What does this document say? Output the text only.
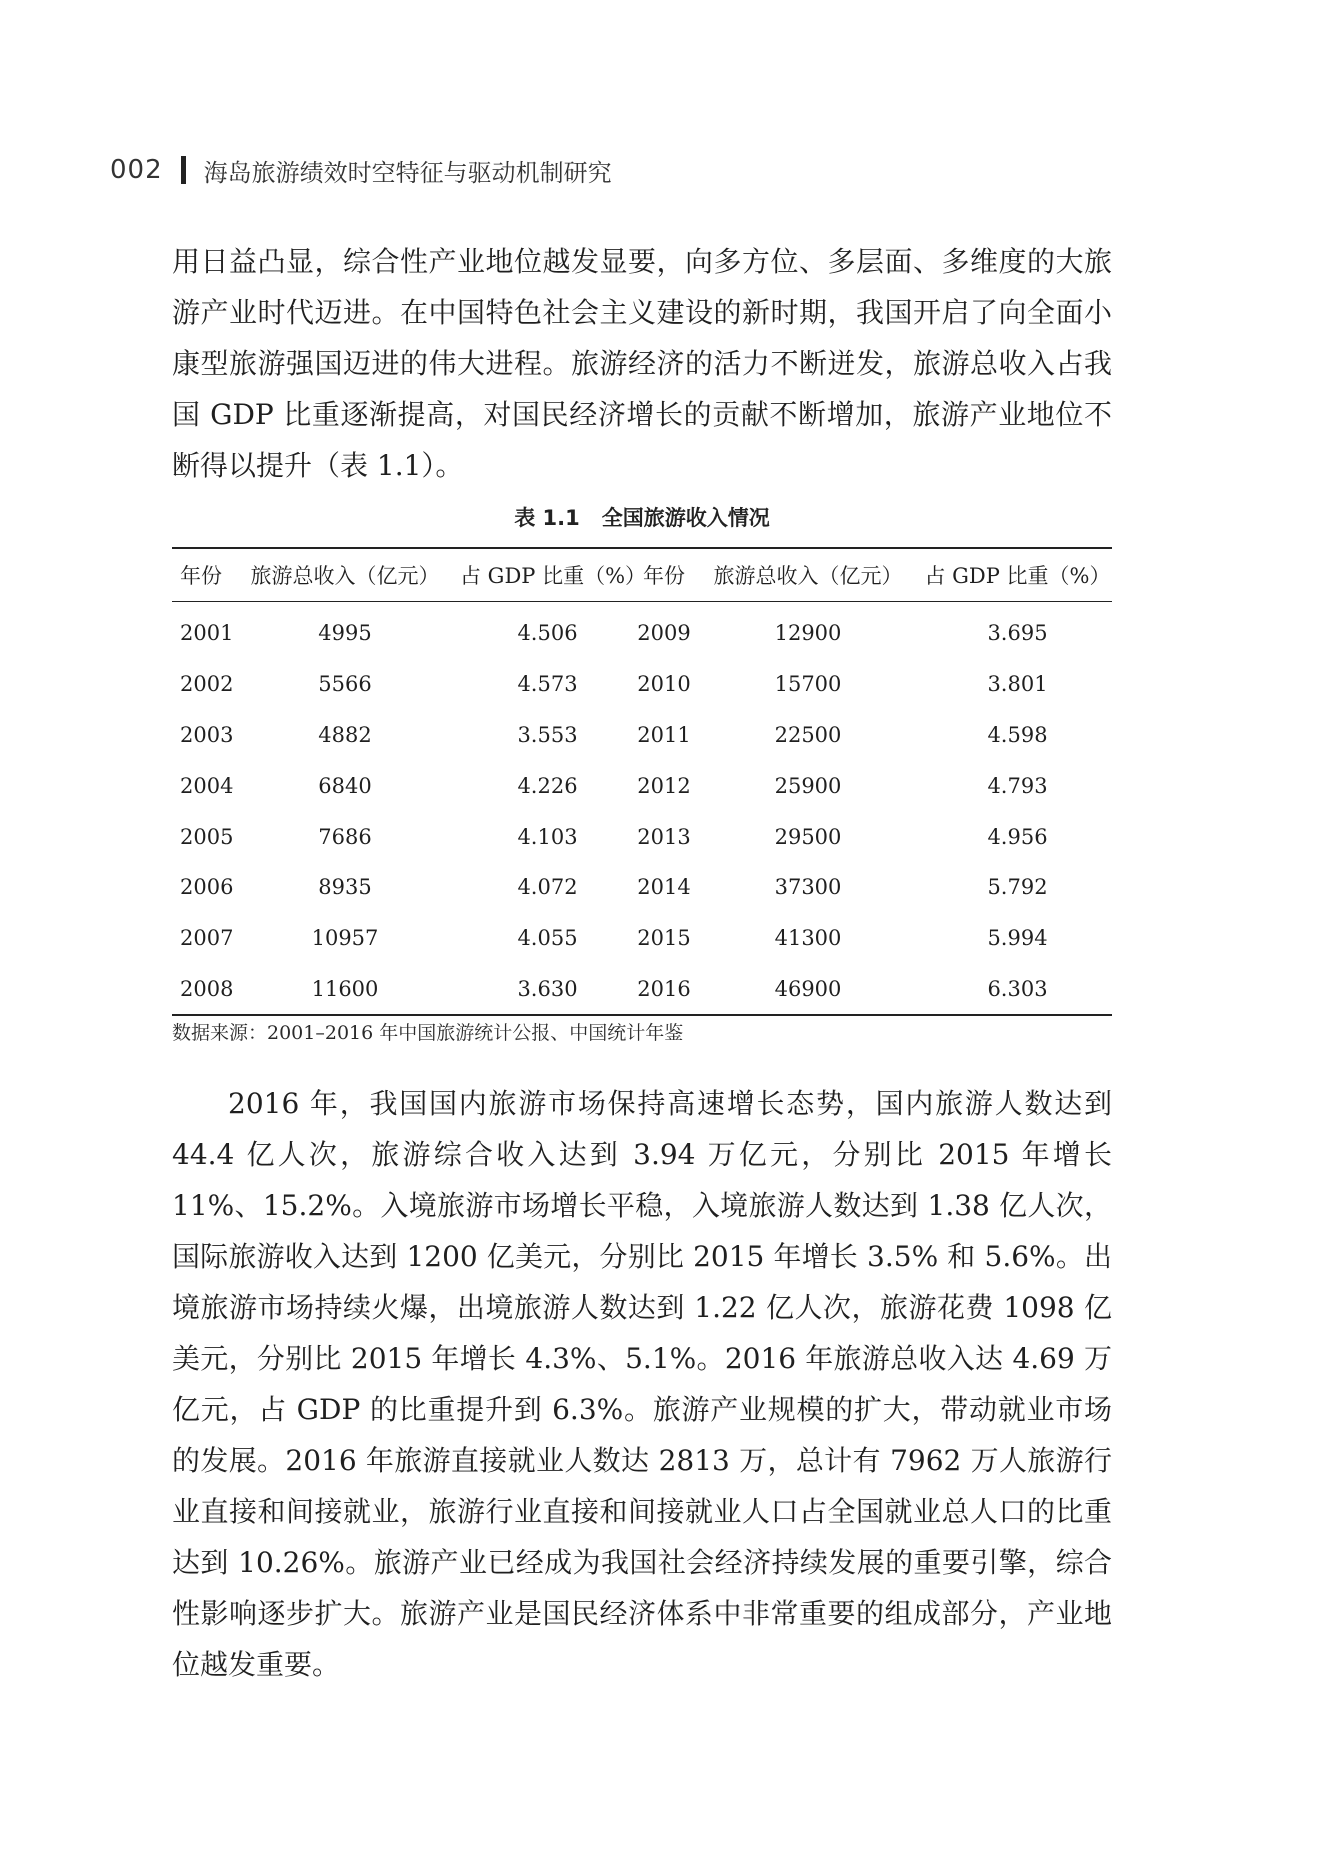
002 海岛旅游绩效时空特征与驱动机制研究

用日益凸显，综合性产业地位越发显要，向多方位、多层面、多维度的大旅游产业时代迈进。在中国特色社会主义建设的新时期，我国开启了向全面小康型旅游强国迈进的伟大进程。旅游经济的活力不断迸发，旅游总收入占我国 GDP 比重逐渐提高，对国民经济增长的贡献不断增加，旅游产业地位不断得以提升（表 1.1）。

表 1.1 全国旅游收入情况
年份	旅游总收入（亿元）	占 GDP 比重（%）	年份	旅游总收入（亿元）	占 GDP 比重（%）
2001	4995	4.506	2009	12900	3.695
2002	5566	4.573	2010	15700	3.801
2003	4882	3.553	2011	22500	4.598
2004	6840	4.226	2012	25900	4.793
2005	7686	4.103	2013	29500	4.956
2006	8935	4.072	2014	37300	5.792
2007	10957	4.055	2015	41300	5.994
2008	11600	3.630	2016	46900	6.303
数据来源：2001–2016 年中国旅游统计公报、中国统计年鉴

2016 年，我国国内旅游市场保持高速增长态势，国内旅游人数达到 44.4 亿人次，旅游综合收入达到 3.94 万亿元，分别比 2015 年增长 11%、15.2%。入境旅游市场增长平稳，入境旅游人数达到 1.38 亿人次，国际旅游收入达到 1200 亿美元，分别比 2015 年增长 3.5% 和 5.6%。出境旅游市场持续火爆，出境旅游人数达到 1.22 亿人次，旅游花费 1098 亿美元，分别比 2015 年增长 4.3%、5.1%。2016 年旅游总收入达 4.69 万亿元，占 GDP 的比重提升到 6.3%。旅游产业规模的扩大，带动就业市场的发展。2016 年旅游直接就业人数达 2813 万，总计有 7962 万人旅游行业直接和间接就业，旅游行业直接和间接就业人口占全国就业总人口的比重达到 10.26%。旅游产业已经成为我国社会经济持续发展的重要引擎，综合性影响逐步扩大。旅游产业是国民经济体系中非常重要的组成部分，产业地位越发重要。
